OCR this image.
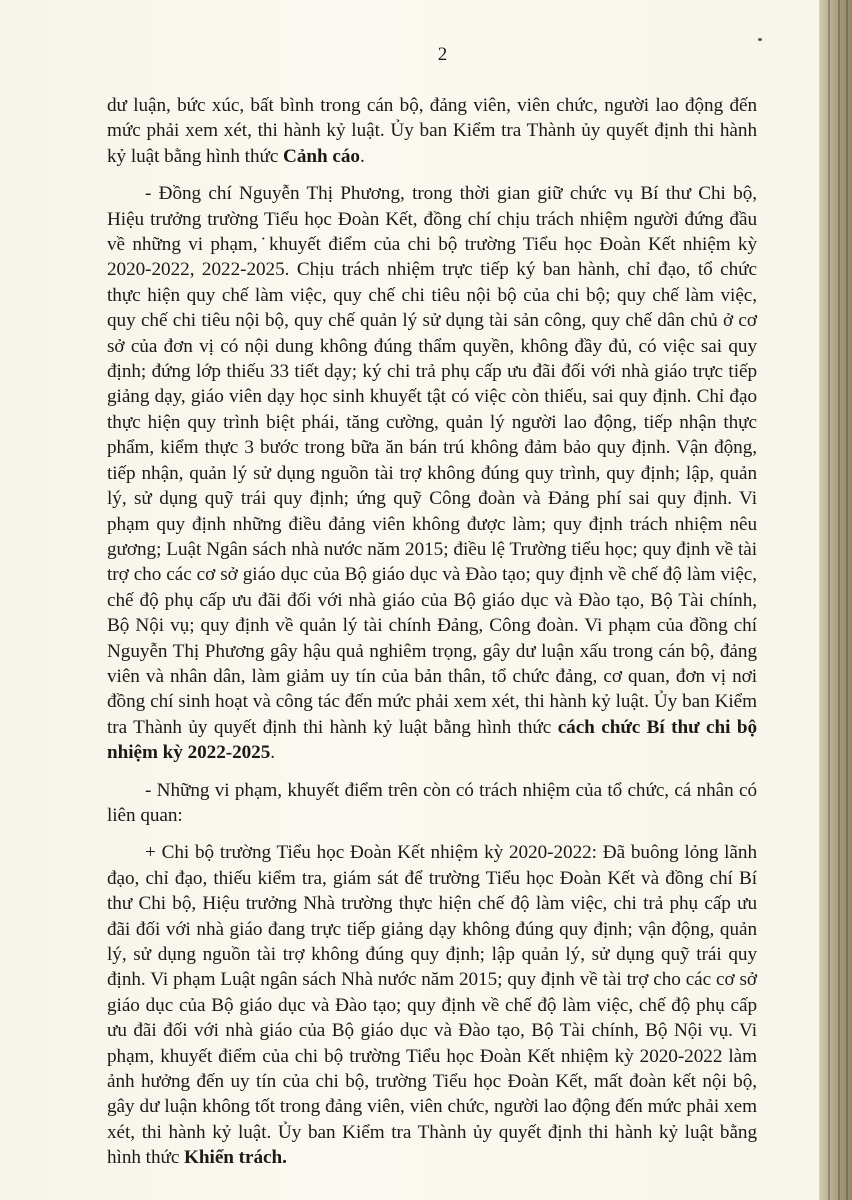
2

dư luận, bức xúc, bất bình trong cán bộ, đảng viên, viên chức, người lao động đến mức phải xem xét, thi hành kỷ luật. Ủy ban Kiểm tra Thành ủy quyết định thi hành kỷ luật bằng hình thức Cảnh cáo.

- Đồng chí Nguyễn Thị Phương, trong thời gian giữ chức vụ Bí thư Chi bộ, Hiệu trưởng trường Tiểu học Đoàn Kết, đồng chí chịu trách nhiệm người đứng đầu về những vi phạm,˙khuyết điểm của chi bộ trường Tiểu học Đoàn Kết nhiệm kỳ 2020-2022, 2022-2025. Chịu trách nhiệm trực tiếp ký ban hành, chỉ đạo, tổ chức thực hiện quy chế làm việc, quy chế chi tiêu nội bộ của chi bộ; quy chế làm việc, quy chế chi tiêu nội bộ, quy chế quản lý sử dụng tài sản công, quy chế dân chủ ở cơ sở của đơn vị có nội dung không đúng thẩm quyền, không đầy đủ, có việc sai quy định; đứng lớp thiếu 33 tiết dạy; ký chi trả phụ cấp ưu đãi đối với nhà giáo trực tiếp giảng dạy, giáo viên dạy học sinh khuyết tật có việc còn thiếu, sai quy định. Chỉ đạo thực hiện quy trình biệt phái, tăng cường, quản lý người lao động, tiếp nhận thực phẩm, kiểm thực 3 bước trong bữa ăn bán trú không đảm bảo quy định. Vận động, tiếp nhận, quản lý sử dụng nguồn tài trợ không đúng quy trình, quy định; lập, quản lý, sử dụng quỹ trái quy định; ứng quỹ Công đoàn và Đảng phí sai quy định. Vi phạm quy định những điều đảng viên không được làm; quy định trách nhiệm nêu gương; Luật Ngân sách nhà nước năm 2015; điều lệ Trường tiểu học; quy định về tài trợ cho các cơ sở giáo dục của Bộ giáo dục và Đào tạo; quy định về chế độ làm việc, chế độ phụ cấp ưu đãi đối với nhà giáo của Bộ giáo dục và Đào tạo, Bộ Tài chính, Bộ Nội vụ; quy định về quản lý tài chính Đảng, Công đoàn. Vi phạm của đồng chí Nguyễn Thị Phương gây hậu quả nghiêm trọng, gây dư luận xấu trong cán bộ, đảng viên và nhân dân, làm giảm uy tín của bản thân, tổ chức đảng, cơ quan, đơn vị nơi đồng chí sinh hoạt và công tác đến mức phải xem xét, thi hành kỷ luật. Ủy ban Kiểm tra Thành ủy quyết định thi hành kỷ luật bằng hình thức cách chức Bí thư chi bộ nhiệm kỳ 2022-2025.

- Những vi phạm, khuyết điểm trên còn có trách nhiệm của tổ chức, cá nhân có liên quan:

+ Chi bộ trường Tiểu học Đoàn Kết nhiệm kỳ 2020-2022: Đã buông lỏng lãnh đạo, chỉ đạo, thiếu kiểm tra, giám sát để trường Tiểu học Đoàn Kết và đồng chí Bí thư Chi bộ, Hiệu trưởng Nhà trường thực hiện chế độ làm việc, chi trả phụ cấp ưu đãi đối với nhà giáo đang trực tiếp giảng dạy không đúng quy định; vận động, quản lý, sử dụng nguồn tài trợ không đúng quy định; lập quản lý, sử dụng quỹ trái quy định. Vi phạm Luật ngân sách Nhà nước năm 2015; quy định về tài trợ cho các cơ sở giáo dục của Bộ giáo dục và Đào tạo; quy định về chế độ làm việc, chế độ phụ cấp ưu đãi đối với nhà giáo của Bộ giáo dục và Đào tạo, Bộ Tài chính, Bộ Nội vụ. Vi phạm, khuyết điểm của chi bộ trường Tiểu học Đoàn Kết nhiệm kỳ 2020-2022 làm ảnh hưởng đến uy tín của chi bộ, trường Tiểu học Đoàn Kết, mất đoàn kết nội bộ, gây dư luận không tốt trong đảng viên, viên chức, người lao động đến mức phải xem xét, thi hành kỷ luật. Ủy ban Kiểm tra Thành ủy quyết định thi hành kỷ luật bằng hình thức Khiển trách.
